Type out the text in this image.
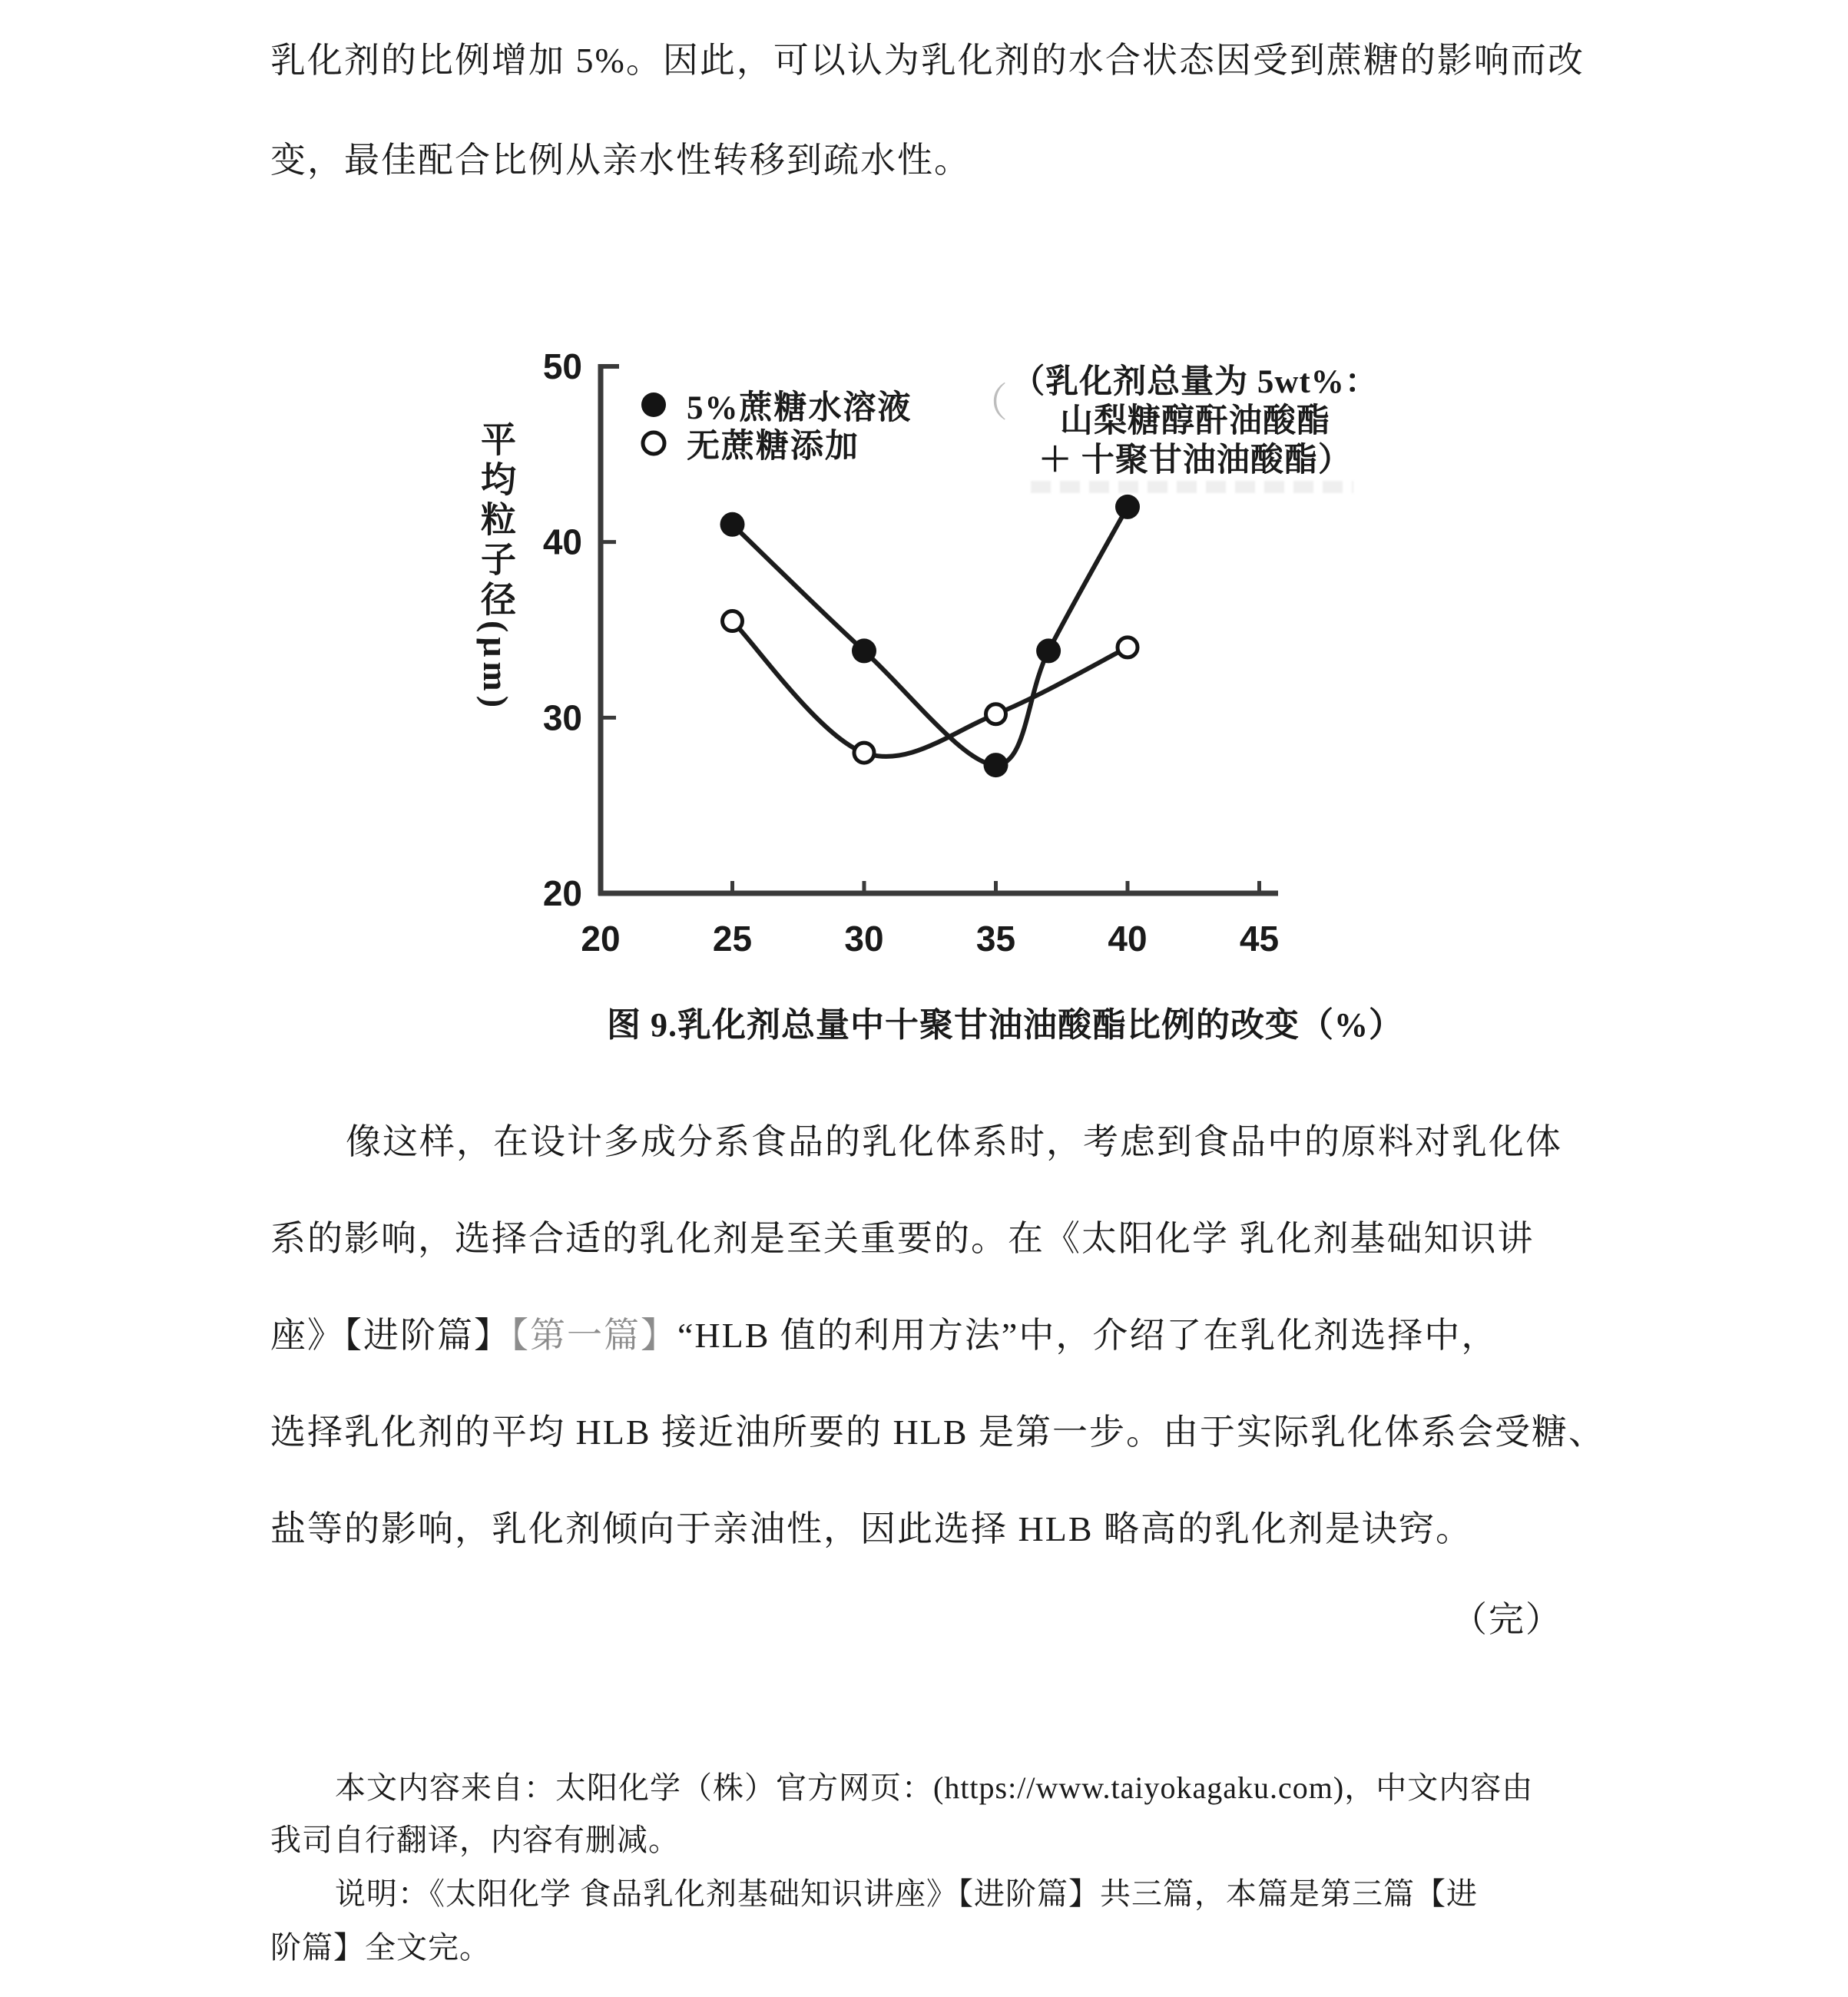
乳化剂的比例增加 5%。因此，可以认为乳化剂的水合状态因受到蔗糖的影响而改
变，最佳配合比例从亲水性转移到疏水性。
20	25	30	35	40	45
20
30
40
50
平均粒子径(μm)
5%蔗糖水溶液
无蔗糖添加
（ （乳化剂总量为 5wt%：
山梨糖醇酐油酸酯
＋ 十聚甘油油酸酯）
图 9.乳化剂总量中十聚甘油油酸酯比例的改变（%）
像这样，在设计多成分系食品的乳化体系时，考虑到食品中的原料对乳化体
系的影响，选择合适的乳化剂是至关重要的。在《太阳化学 乳化剂基础知识讲
座》【进阶篇】【第一篇】“HLB 值的利用方法”中，介绍了在乳化剂选择中，
选择乳化剂的平均 HLB 接近油所要的 HLB 是第一步。由于实际乳化体系会受糖、
盐等的影响，乳化剂倾向于亲油性，因此选择 HLB 略高的乳化剂是诀窍。
（完）
本文内容来自：太阳化学（株）官方网页：(https://www.taiyokagaku.com)，中文内容由
我司自行翻译，内容有删减。
说明：《太阳化学 食品乳化剂基础知识讲座》【进阶篇】共三篇，本篇是第三篇【进
阶篇】全文完。
